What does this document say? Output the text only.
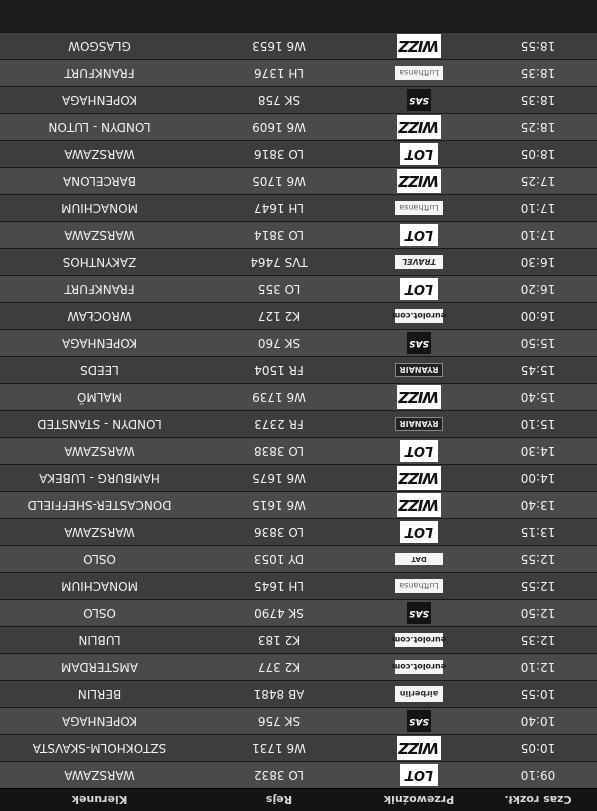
Czas rozkł.
Przewoźnik
Rejs
Kierunek
09:10
LOT
LO 3832
WARSZAWA
10:05
WIZZ
W6 1731
SZTOKHOLM-SKAVSTA
10:40
SAS
SK 756
KOPENHAGA
10:55
airberlin
AB 8481
BERLIN
12:10
eurolot.com
K2 377
AMSTERDAM
12:35
eurolot.com
K2 183
LUBLIN
12:50
SAS
SK 4790
OSLO
12:55
Lufthansa
LH 1645
MONACHIUM
12:55
DAT
DY 1053
OSLO
13:15
LOT
LO 3836
WARSZAWA
13:40
WIZZ
W6 1615
DONCASTER-SHEFFIELD
14:00
WIZZ
W6 1675
HAMBURG - LUBEKA
14:30
LOT
LO 3838
WARSZAWA
15:10
RYANAIR
FR 2373
LONDYN - STANSTED
15:40
WIZZ
W6 1739
MALMÖ
15:45
RYANAIR
FR 1504
LEEDS
15:50
SAS
SK 760
KOPENHAGA
16:00
eurolot.com
K2 127
WROCŁAW
16:20
LOT
LO 355
FRANKFURT
16:30
TRAVEL
TVS 7464
ZAKYNTHOS
17:10
LOT
LO 3814
WARSZAWA
17:10
Lufthansa
LH 1647
MONACHIUM
17:25
WIZZ
W6 1705
BARCELONA
18:05
LOT
LO 3816
WARSZAWA
18:25
WIZZ
W6 1609
LONDYN - LUTON
18:35
SAS
SK 758
KOPENHAGA
18:35
Lufthansa
LH 1376
FRANKFURT
18:55
WIZZ
W6 1653
GLASGOW
